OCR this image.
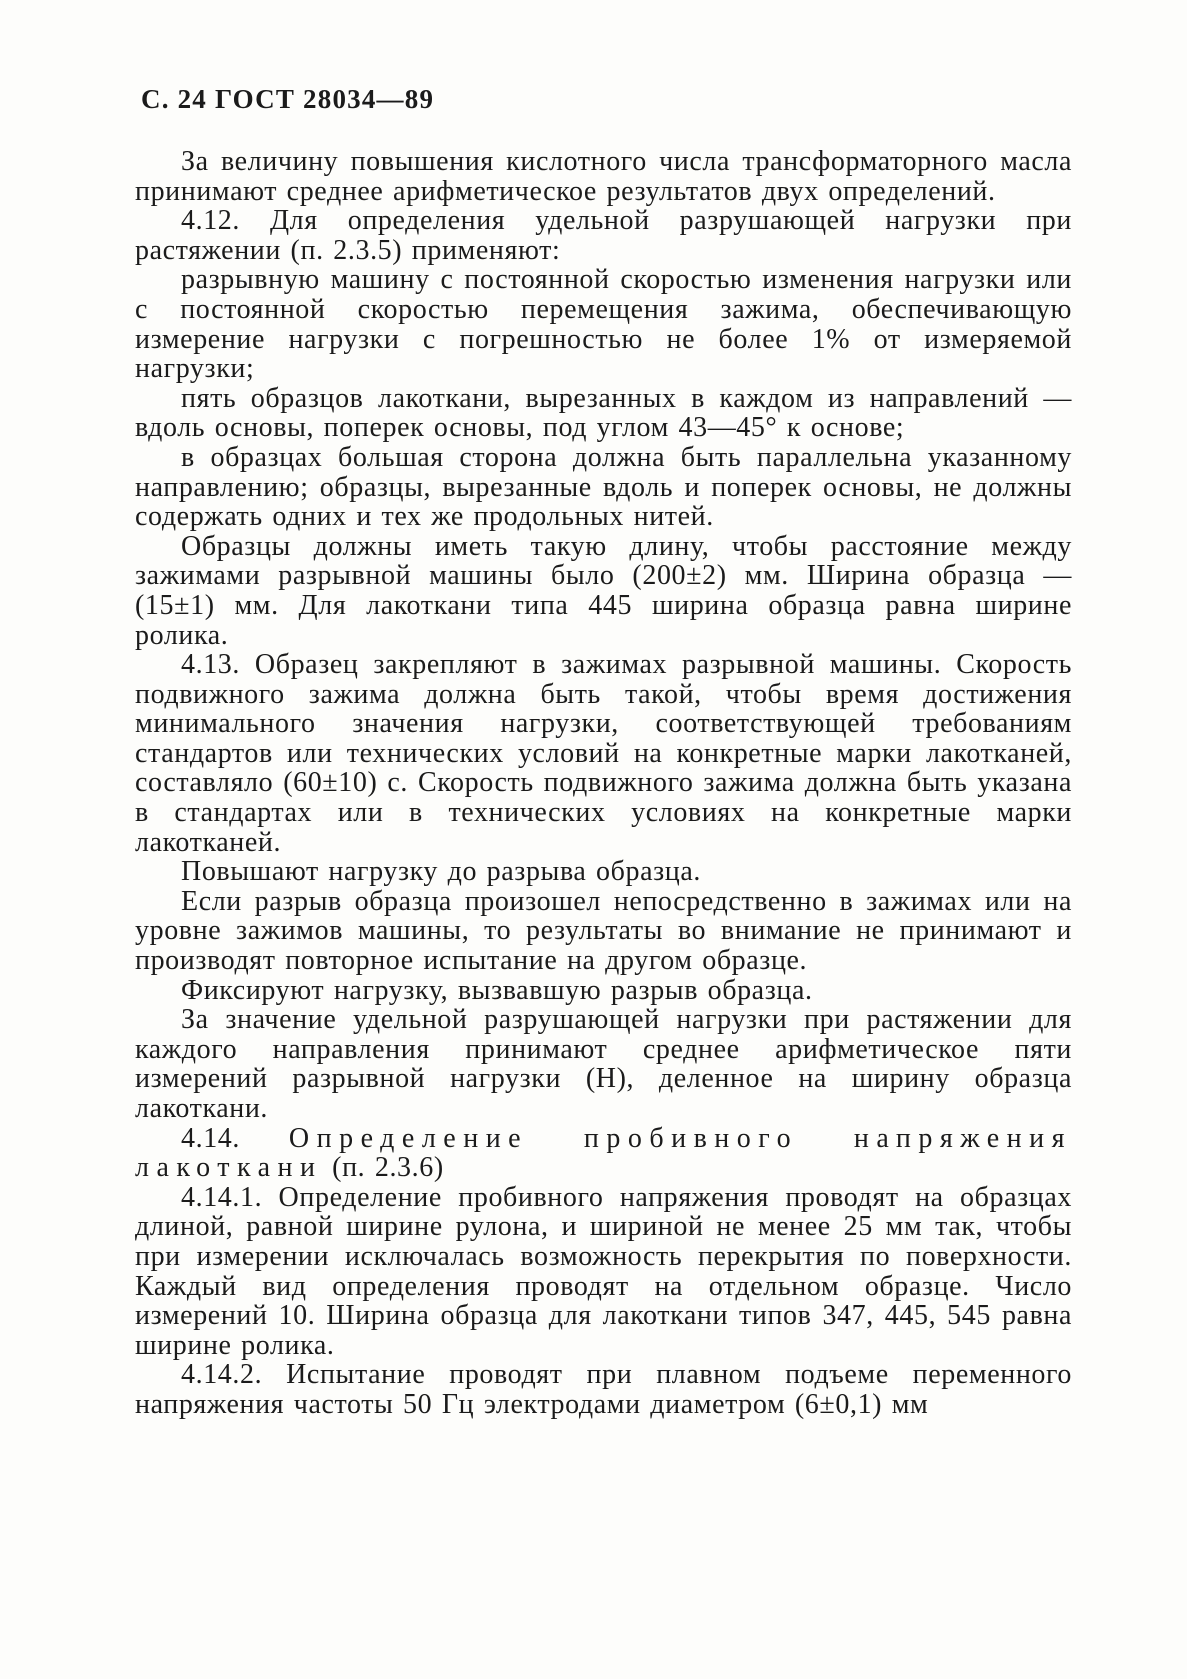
С. 24 ГОСТ 28034—89

За величину повышения кислотного числа трансформаторного масла принимают среднее арифметическое результатов двух определений.

4.12. Для определения удельной разрушающей нагрузки при растяжении (п. 2.3.5) применяют:

разрывную машину с постоянной скоростью изменения нагрузки или с постоянной скоростью перемещения зажима, обеспечивающую измерение нагрузки с погрешностью не более 1% от измеряемой нагрузки;

пять образцов лакоткани, вырезанных в каждом из направлений — вдоль основы, поперек основы, под углом 43—45° к основе;

в образцах большая сторона должна быть параллельна указанному направлению; образцы, вырезанные вдоль и поперек основы, не должны содержать одних и тех же продольных нитей.

Образцы должны иметь такую длину, чтобы расстояние между зажимами разрывной машины было (200±2) мм. Ширина образца — (15±1) мм. Для лакоткани типа 445 ширина образца равна ширине ролика.

4.13. Образец закрепляют в зажимах разрывной машины. Скорость подвижного зажима должна быть такой, чтобы время достижения минимального значения нагрузки, соответствующей требованиям стандартов или технических условий на конкретные марки лакотканей, составляло (60±10) с. Скорость подвижного зажима должна быть указана в стандартах или в технических условиях на конкретные марки лакотканей.

Повышают нагрузку до разрыва образца.

Если разрыв образца произошел непосредственно в зажимах или на уровне зажимов машины, то результаты во внимание не принимают и производят повторное испытание на другом образце.

Фиксируют нагрузку, вызвавшую разрыв образца.

За значение удельной разрушающей нагрузки при растяжении для каждого направления принимают среднее арифметическое пяти измерений разрывной нагрузки (Н), деленное на ширину образца лакоткани.

4.14. Определение пробивного напряжения лакоткани (п. 2.3.6)

4.14.1. Определение пробивного напряжения проводят на образцах длиной, равной ширине рулона, и шириной не менее 25 мм так, чтобы при измерении исключалась возможность перекрытия по поверхности. Каждый вид определения проводят на отдельном образце. Число измерений 10. Ширина образца для лакоткани типов 347, 445, 545 равна ширине ролика.

4.14.2. Испытание проводят при плавном подъеме переменного напряжения частоты 50 Гц электродами диаметром (6±0,1) мм
